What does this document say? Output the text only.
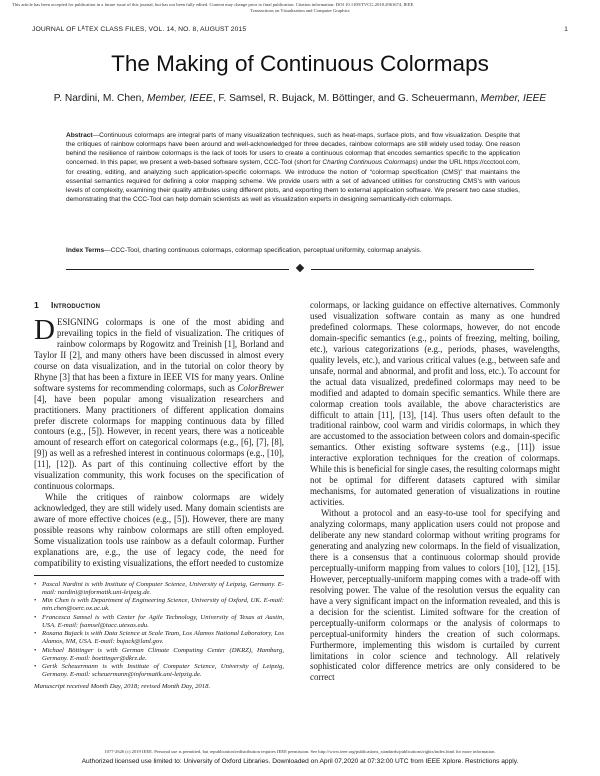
This article has been accepted for publication in a future issue of this journal, but has not been fully edited. Content may change prior to final publication. Citation information: DOI 10.1109/TVCG.2018.2961674, IEEE
Transactions on Visualization and Computer Graphics
JOURNAL OF LᴬTEX CLASS FILES, VOL. 14, NO. 8, AUGUST 2015	1
The Making of Continuous Colormaps
P. Nardini, M. Chen, Member, IEEE, F. Samsel, R. Bujack, M. Böttinger, and G. Scheuermann, Member, IEEE
Abstract—Continuous colormaps are integral parts of many visualization techniques, such as heat-maps, surface plots, and flow visualization. Despite that the critiques of rainbow colormaps have been around and well-acknowledged for three decades, rainbow colormaps are still widely used today. One reason behind the resilience of rainbow colormaps is the lack of tools for users to create a continuous colormap that encodes semantics specific to the application concerned. In this paper, we present a web-based software system, CCC-Tool (short for Charting Continuous Colormaps) under the URL https://ccctool.com, for creating, editing, and analyzing such application-specific colormaps. We introduce the notion of “colormap specification (CMS)” that maintains the essential semantics required for defining a color mapping scheme. We provide users with a set of advanced utilities for constructing CMS’s with various levels of complexity, examining their quality attributes using different plots, and exporting them to external application software. We present two case studies, demonstrating that the CCC-Tool can help domain scientists as well as visualization experts in designing semantically-rich colormaps.
Index Terms—CCC-Tool, charting continuous colormaps, colormap specification, perceptual uniformity, colormap analysis.
1 Introduction

DESIGNING colormaps is one of the most abiding and prevailing topics in the field of visualization. The critiques of rainbow colormaps by Rogowitz and Treinish [1], Borland and Taylor II [2], and many others have been discussed in almost every course on data visualization, and in the tutorial on color theory by Rhyne [3] that has been a fixture in IEEE VIS for many years. Online software systems for recommending colormaps, such as ColorBrewer [4], have been popular among visualization researchers and practitioners. Many practitioners of different application domains prefer discrete colormaps for mapping continuous data by filled contours (e.g., [5]). However, in recent years, there was a noticeable amount of research effort on categorical colormaps (e.g., [6], [7], [8], [9]) as well as a refreshed interest in continuous colormaps (e.g., [10], [11], [12]). As part of this continuing collective effort by the visualization community, this work focuses on the specification of continuous colormaps.

While the critiques of rainbow colormaps are widely acknowledged, they are still widely used. Many domain scientists are aware of more effective choices (e.g., [5]). However, there are many possible reasons why rainbow colormaps are still often employed. Some visualization tools use rainbow as a default colormap. Further explanations are, e.g., the use of legacy code, the need for compatibility to existing visualizations, the effort needed to customize

• Pascal Nardini is with Institute of Computer Science, University of Leipzig, Germany. E-mail: nardini@informatik.uni-leipzig.de.

• Min Chen is with Department of Engineering Science, University of Oxford, UK. E-mail: min.chen@oerc.ox.ac.uk.

• Francesca Samsel is with Center for Agile Technology, University of Texas at Austin, USA. E-mail: fsamsel@tacc.utexas.edu.

• Roxana Bujack is with Data Science at Scale Team, Los Alamos National Laboratory, Los Alamos, NM, USA. E-mail: bujack@lanl.gov.

• Michael Böttinger is with German Climate Computing Center (DKRZ), Hamburg, Germany. E-mail: boettinger@dkrz.de.

• Gerik Scheuermann is with Institute of Computer Science, University of Leipzig, Germany. E-mail: scheuermann@informatik.uni-leipzig.de.

Manuscript received Month Day, 2018; revised Month Day, 2018.

colormaps, or lacking guidance on effective alternatives. Commonly used visualization software contain as many as one hundred predefined colormaps. These colormaps, however, do not encode domain-specific semantics (e.g., points of freezing, melting, boiling, etc.), various categorizations (e.g., periods, phases, wavelengths, quality levels, etc.), and various critical values (e.g., between safe and unsafe, normal and abnormal, and profit and loss, etc.). To account for the actual data visualized, predefined colormaps may need to be modified and adapted to domain specific semantics. While there are colormap creation tools available, the above characteristics are difficult to attain [11], [13], [14]. Thus users often default to the traditional rainbow, cool warm and viridis colormaps, in which they are accustomed to the association between colors and domain-specific semantics. Other existing software systems (e.g., [11]) issue interactive exploration techniques for the creation of colormaps. While this is beneficial for single cases, the resulting colormaps might not be optimal for different datasets captured with similar mechanisms, for automated generation of visualizations in routine activities.

Without a protocol and an easy-to-use tool for specifying and analyzing colormaps, many application users could not propose and deliberate any new standard colormap without writing programs for generating and analyzing new colormaps. In the field of visualization, there is a consensus that a continuous colormap should provide perceptually-uniform mapping from values to colors [10], [12], [15]. However, perceptually-uniform mapping comes with a trade-off with resolving power. The value of the resolution versus the equality can have a very significant impact on the information revealed, and this is a decision for the scientist. Limited software for the creation of perceptually-uniform colormaps or the analysis of colormaps to perceptual-uniformity hinders the creation of such colormaps. Furthermore, implementing this wisdom is curtailed by current limitations in color science and technology. All relatively sophisticated color difference metrics are only considered to be correct

1077-2626 (c) 2019 IEEE. Personal use is permitted, but republication/redistribution requires IEEE permission. See http://www.ieee.org/publications_standards/publications/rights/index.html for more information.
Authorized licensed use limited to: University of Oxford Libraries. Downloaded on April 07,2020 at 07:32:00 UTC from IEEE Xplore. Restrictions apply.
